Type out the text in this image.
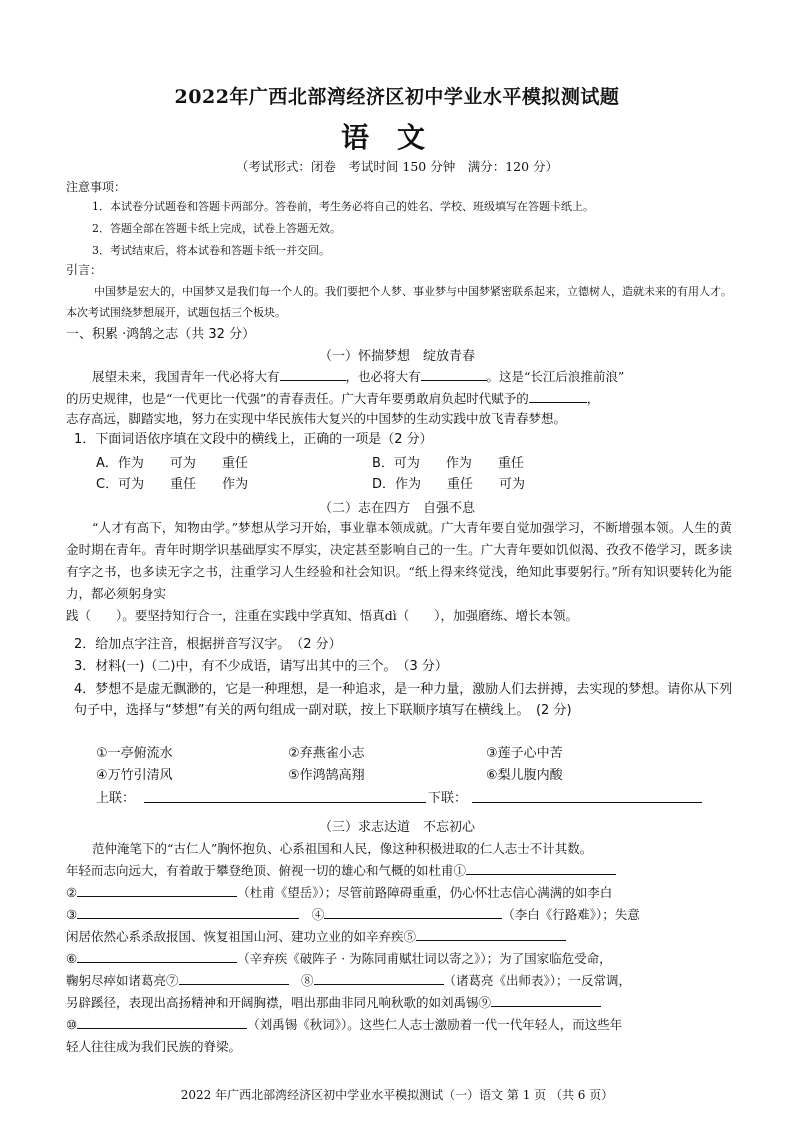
2022年广西北部湾经济区初中学业水平模拟测试题
语文
（考试形式：闭卷　考试时间 150 分钟　满分：120 分）
注意事项：
1．本试卷分试题卷和答题卡两部分。答卷前，考生务必将自己的姓名、学校、班级填写在答题卡纸上。
2．答题全部在答题卡纸上完成，试卷上答题无效。
3．考试结束后，将本试卷和答题卡纸一并交回。
引言：
中国梦是宏大的，中国梦又是我们每一个人的。我们要把个人梦、事业梦与中国梦紧密联系起来，立德树人，造就未来的有用人才。本次考试围绕梦想展开，试题包括三个板块。
一、积累 ·鸿鹄之志（共 32 分）
（一）怀揣梦想　绽放青春
展望未来，我国青年一代必将大有	，也必将大有	。这是“长江后浪推前浪”
的历史规律，也是“一代更比一代强”的青春责任。广大青年要勇敢肩负起时代赋予的	，
志存高远，脚踏实地，努力在实现中华民族伟大复兴的中国梦的生动实践中放飞青春梦想。
1．下面词语依序填在文段中的横线上，正确的一项是（2 分）
A．作为　　可为　　重任	B．可为　　作为　　重任
C．可为　　重任　　作为	D．作为　　重任　　可为
（二）志在四方　自强不息
“人才有高下，知物由学。”梦想从学习开始，事业靠本领成就。广大青年要自觉加强学习，不断增强本领。人生的黄金时期在青年。青年时期学识基础厚实不厚实，决定甚至影响自己的一生。广大青年要如饥似渴、孜孜不倦学习，既多读有字之书，也多读无字之书，注重学习人生经验和社会知识。“纸上得来终觉浅，绝知此事要躬行。”所有知识要转化为能力，都必须躬身实
践（　　）。要坚持知行合一，注重在实践中学真知、悟真dì（　　），加强磨练、增长本领。
2．给加点字注音，根据拼音写汉字。　（2 分）
3．材料(一)（二)中，有不少成语，请写出其中的三个。　（3 分）
4．梦想不是虚无飘渺的，它是一种理想，是一种追求，是一种力量，激励人们去拼搏，去实现的梦想。请你从下列句子中，选择与“梦想”有关的两句组成一副对联，按上下联顺序填写在横线上。　(2 分)
①一亭俯流水	②弃燕雀小志	③莲子心中苦
④万竹引清风	⑤作鸿鹄高翔	⑥梨儿腹内酸
上联：	下联：
（三）求志达道　不忘初心
范仲淹笔下的“古仁人”胸怀抱负、心系祖国和人民，像这种积极进取的仁人志士不计其数。
年轻而志向远大，有着敢于攀登绝顶、俯视一切的雄心和气概的如杜甫①
②	（杜甫《望岳》）；尽管前路障碍重重，仍心怀壮志信心满满的如李白
③　	④	（李白《行路难》）；失意
闲居依然心系杀敌报国、恢复祖国山河、建功立业的如辛弃疾⑤
⑥	（辛弃疾《破阵子 · 为陈同甫赋壮词以寄之》）；为了国家临危受命，
鞠躬尽瘁如诸葛亮⑦　	⑧	（诸葛亮《出师表》）；一反常调，
另辟蹊径，表现出高扬精神和开阔胸襟，唱出那曲非同凡响秋歌的如刘禹锡⑨
⑩	（刘禹锡《秋词》）。这些仁人志士激励着一代一代年轻人，而这些年
轻人往往成为我们民族的脊梁。
2022 年广西北部湾经济区初中学业水平模拟测试（一）语文 第 1 页 （共 6 页）
